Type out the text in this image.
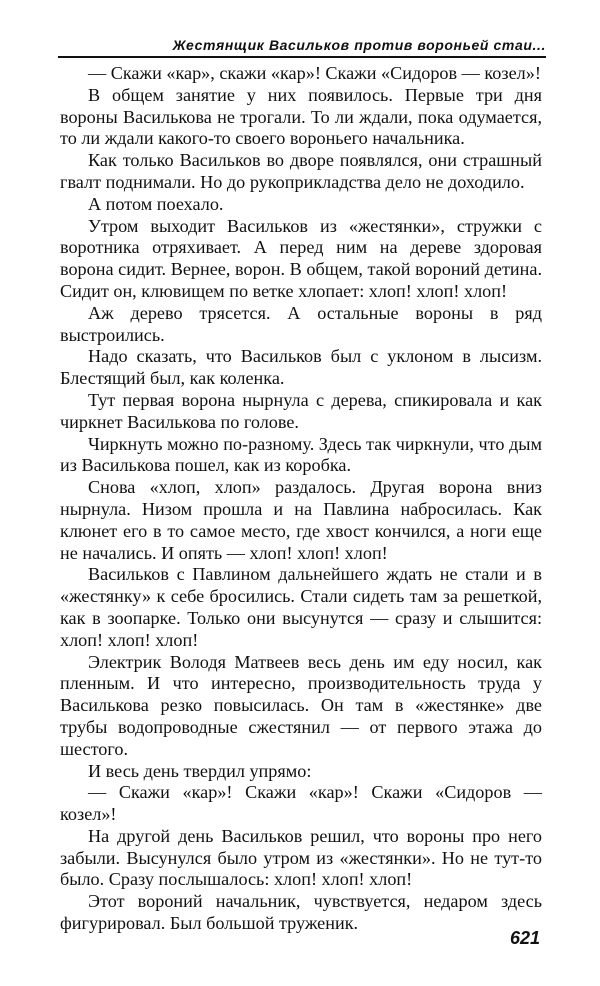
Жестянщик Васильков против вороньей стаи...

— Скажи «кар», скажи «кар»! Скажи «Сидоров — козел»!

В общем занятие у них появилось. Первые три дня вороны Василькова не трогали. То ли ждали, пока одумается, то ли ждали какого-то своего вороньего начальника.

Как только Васильков во дворе появлялся, они страшный гвалт поднимали. Но до рукоприкладства дело не доходило.

А потом поехало.

Утром выходит Васильков из «жестянки», стружки с воротника отряхивает. А перед ним на дереве здоровая ворона сидит. Вернее, ворон. В общем, такой вороний детина. Сидит он, клювищем по ветке хлопает: хлоп! хлоп! хлоп!

Аж дерево трясется. А остальные вороны в ряд выстроились.

Надо сказать, что Васильков был с уклоном в лысизм. Блестящий был, как коленка.

Тут первая ворона нырнула с дерева, спикировала и как чиркнет Василькова по голове.

Чиркнуть можно по-разному. Здесь так чиркнули, что дым из Василькова пошел, как из коробка.

Снова «хлоп, хлоп» раздалось. Другая ворона вниз нырнула. Низом прошла и на Павлина набросилась. Как клюнет его в то самое место, где хвост кончился, а ноги еще не начались. И опять — хлоп! хлоп! хлоп!

Васильков с Павлином дальнейшего ждать не стали и в «жестянку» к себе бросились. Стали сидеть там за решеткой, как в зоопарке. Только они высунутся — сразу и слышится: хлоп! хлоп! хлоп!

Электрик Володя Матвеев весь день им еду носил, как пленным. И что интересно, производительность труда у Василькова резко повысилась. Он там в «жестянке» две трубы водопроводные сжестянил — от первого этажа до шестого.

И весь день твердил упрямо:

— Скажи «кар»! Скажи «кар»! Скажи «Сидоров — козел»!

На другой день Васильков решил, что вороны про него забыли. Высунулся было утром из «жестянки». Но не тут-то было. Сразу послышалось: хлоп! хлоп! хлоп!

Этот вороний начальник, чувствуется, недаром здесь фигурировал. Был большой труженик.

621
